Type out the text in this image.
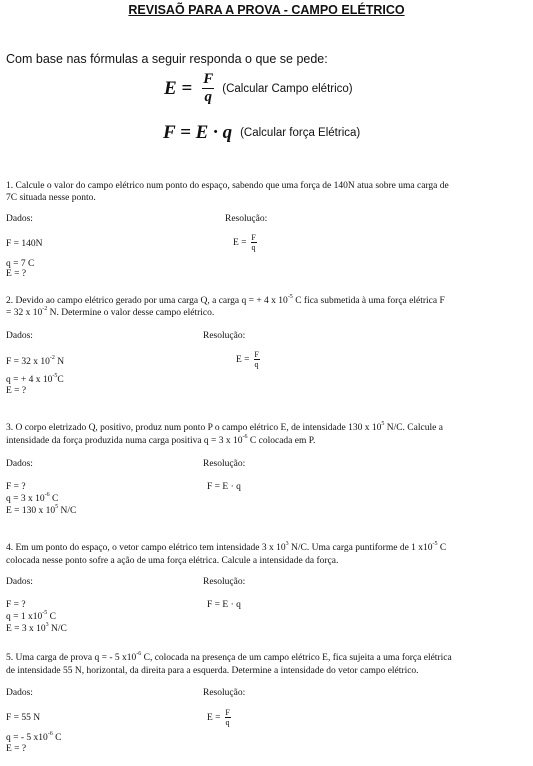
REVISAÕ PARA A PROVA - CAMPO ELÉTRICO
Com base nas fórmulas a seguir responda o que se pede:
$E = \frac{F}{q}$ (Calcular Campo elétrico)
F = E · q (Calcular força Elétrica)
1. Calcule o valor do campo elétrico num ponto do espaço, sabendo que uma força de 140N atua sobre uma carga de
7C situada nesse ponto.
Dados:	Resolução:
F = 140N
q = 7 C
E = ?
E =
F
q
2. Devido ao campo elétrico gerado por uma carga Q, a carga q = + 4 x $10^{-5}$ C fica submetida à uma força elétrica F
= 32 x $10^{-2}$ N. Determine o valor desse campo elétrico.
Dados:	Resolução:
F = 32 x $10^{-2}$ N
q = + 4 x $10^{-5}C$
E = ?
E =
F
q
3. O corpo eletrizado Q, positivo, produz num ponto P o campo elétrico E, de intensidade 130 x $10^5$ N/C. Calcule a
intensidade da força produzida numa carga positiva q = 3 x $10^{-6}$ C colocada em P.
Dados:	Resolução:
F = ?
q = 3 x $10^{-6}$ C
E = 130 x $10^5$ N/C
F = E · q
4. Em um ponto do espaço, o vetor campo elétrico tem intensidade 3 x $10^3$ N/C. Uma carga puntiforme de 1 $x10^{-5}$ C
colocada nesse ponto sofre a ação de uma força elétrica. Calcule a intensidade da força.
Dados:	Resolução:
F = ?
q = 1 $x10^{-5}$ C
E = 3 x $10^3$ N/C
F = E · q
5. Uma carga de prova q = - 5 $x10^{-6}$ C, colocada na presença de um campo elétrico E, fica sujeita a uma força elétrica
de intensidade 55 N, horizontal, da direita para a esquerda. Determine a intensidade do vetor campo elétrico.
Dados:	Resolução:
F = 55 N
q = - 5 $x10^{-6}$ C
E = ?
E =
F
q
